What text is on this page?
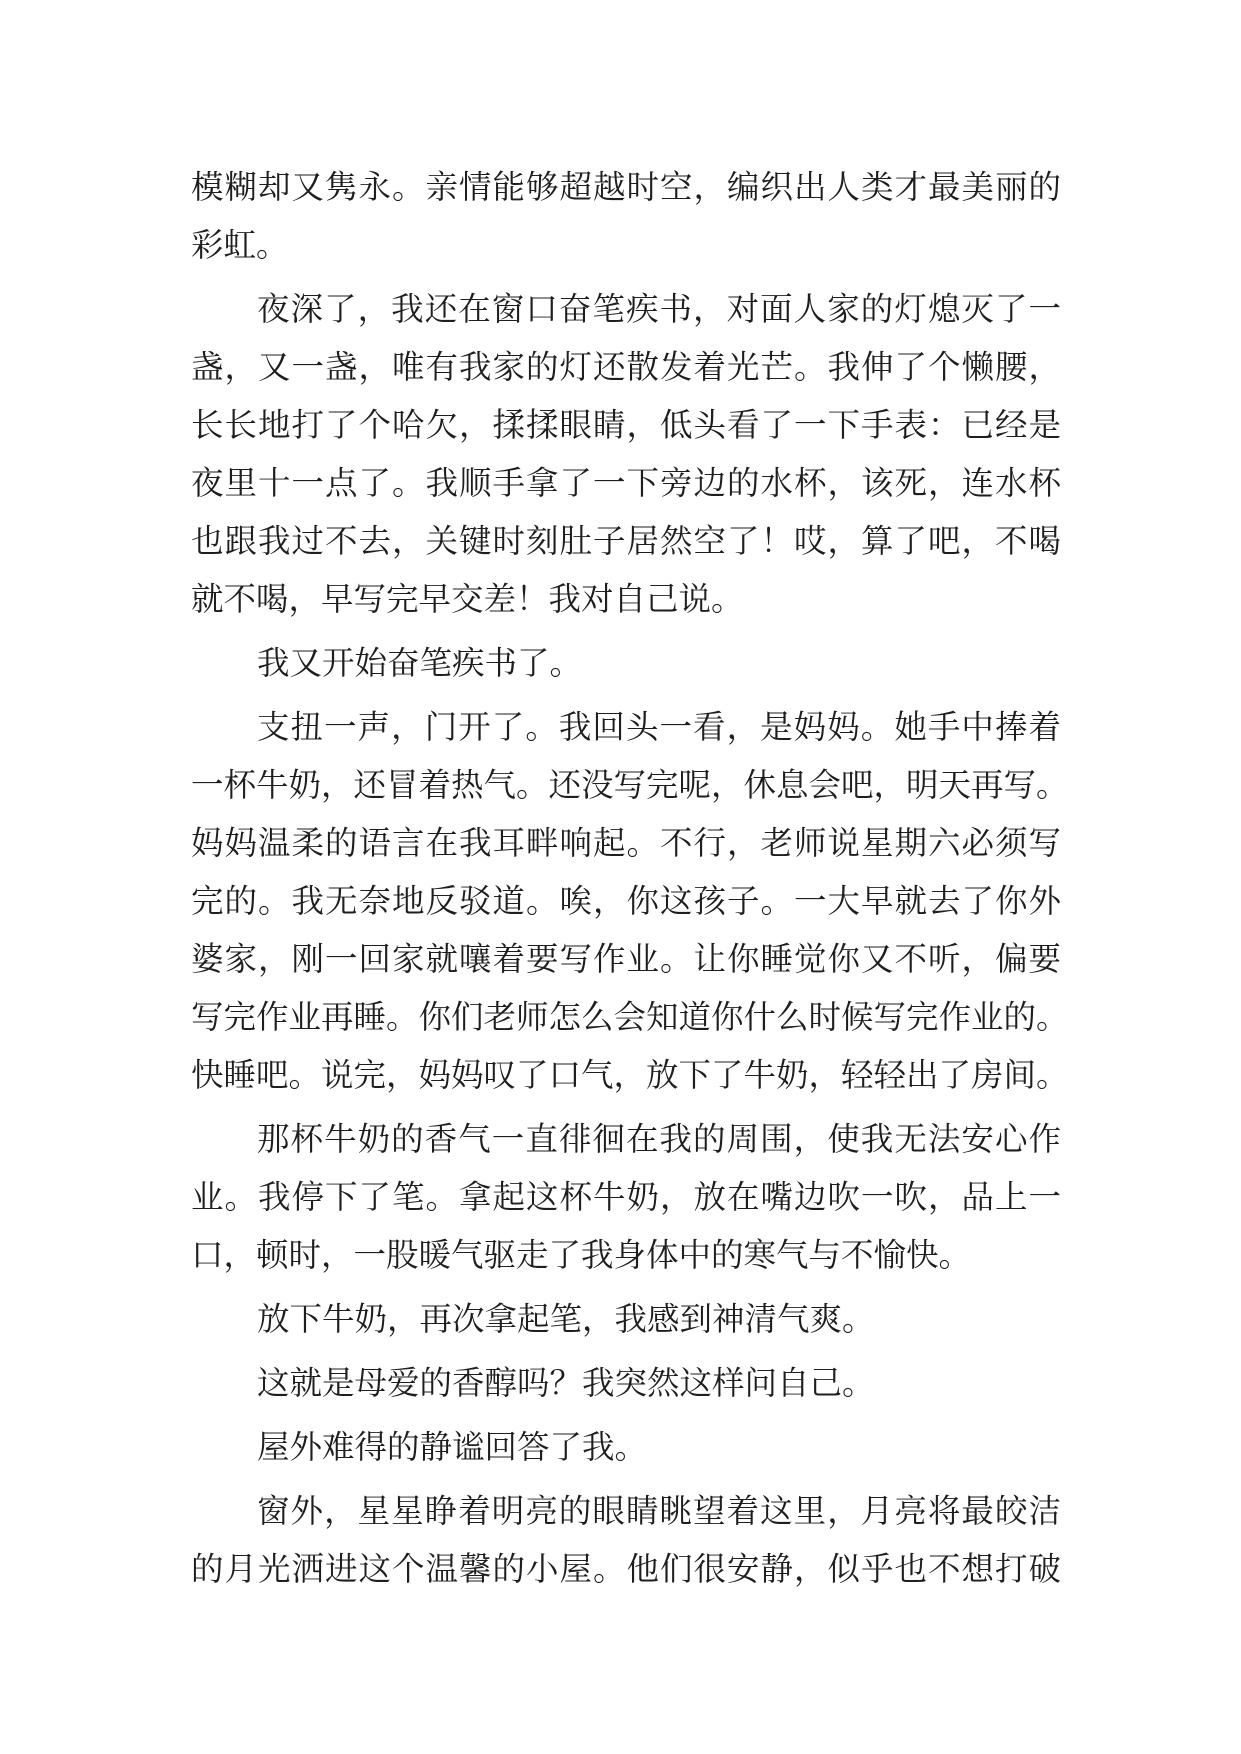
模糊却又隽永。亲情能够超越时空，编织出人类才最美丽的
彩虹。
夜深了，我还在窗口奋笔疾书，对面人家的灯熄灭了一
盏，又一盏，唯有我家的灯还散发着光芒。我伸了个懒腰，
长长地打了个哈欠，揉揉眼睛，低头看了一下手表：已经是
夜里十一点了。我顺手拿了一下旁边的水杯，该死，连水杯
也跟我过不去，关键时刻肚子居然空了！哎，算了吧，不喝
就不喝，早写完早交差！我对自己说。
我又开始奋笔疾书了。
支扭一声，门开了。我回头一看，是妈妈。她手中捧着
一杯牛奶，还冒着热气。还没写完呢，休息会吧，明天再写。
妈妈温柔的语言在我耳畔响起。不行，老师说星期六必须写
完的。我无奈地反驳道。唉，你这孩子。一大早就去了你外
婆家，刚一回家就嚷着要写作业。让你睡觉你又不听，偏要
写完作业再睡。你们老师怎么会知道你什么时候写完作业的。
快睡吧。说完，妈妈叹了口气，放下了牛奶，轻轻出了房间。
那杯牛奶的香气一直徘徊在我的周围，使我无法安心作
业。我停下了笔。拿起这杯牛奶，放在嘴边吹一吹，品上一
口，顿时，一股暖气驱走了我身体中的寒气与不愉快。
放下牛奶，再次拿起笔，我感到神清气爽。
这就是母爱的香醇吗？我突然这样问自己。
屋外难得的静谧回答了我。
窗外，星星睁着明亮的眼睛眺望着这里，月亮将最皎洁
的月光洒进这个温馨的小屋。他们很安静，似乎也不想打破
